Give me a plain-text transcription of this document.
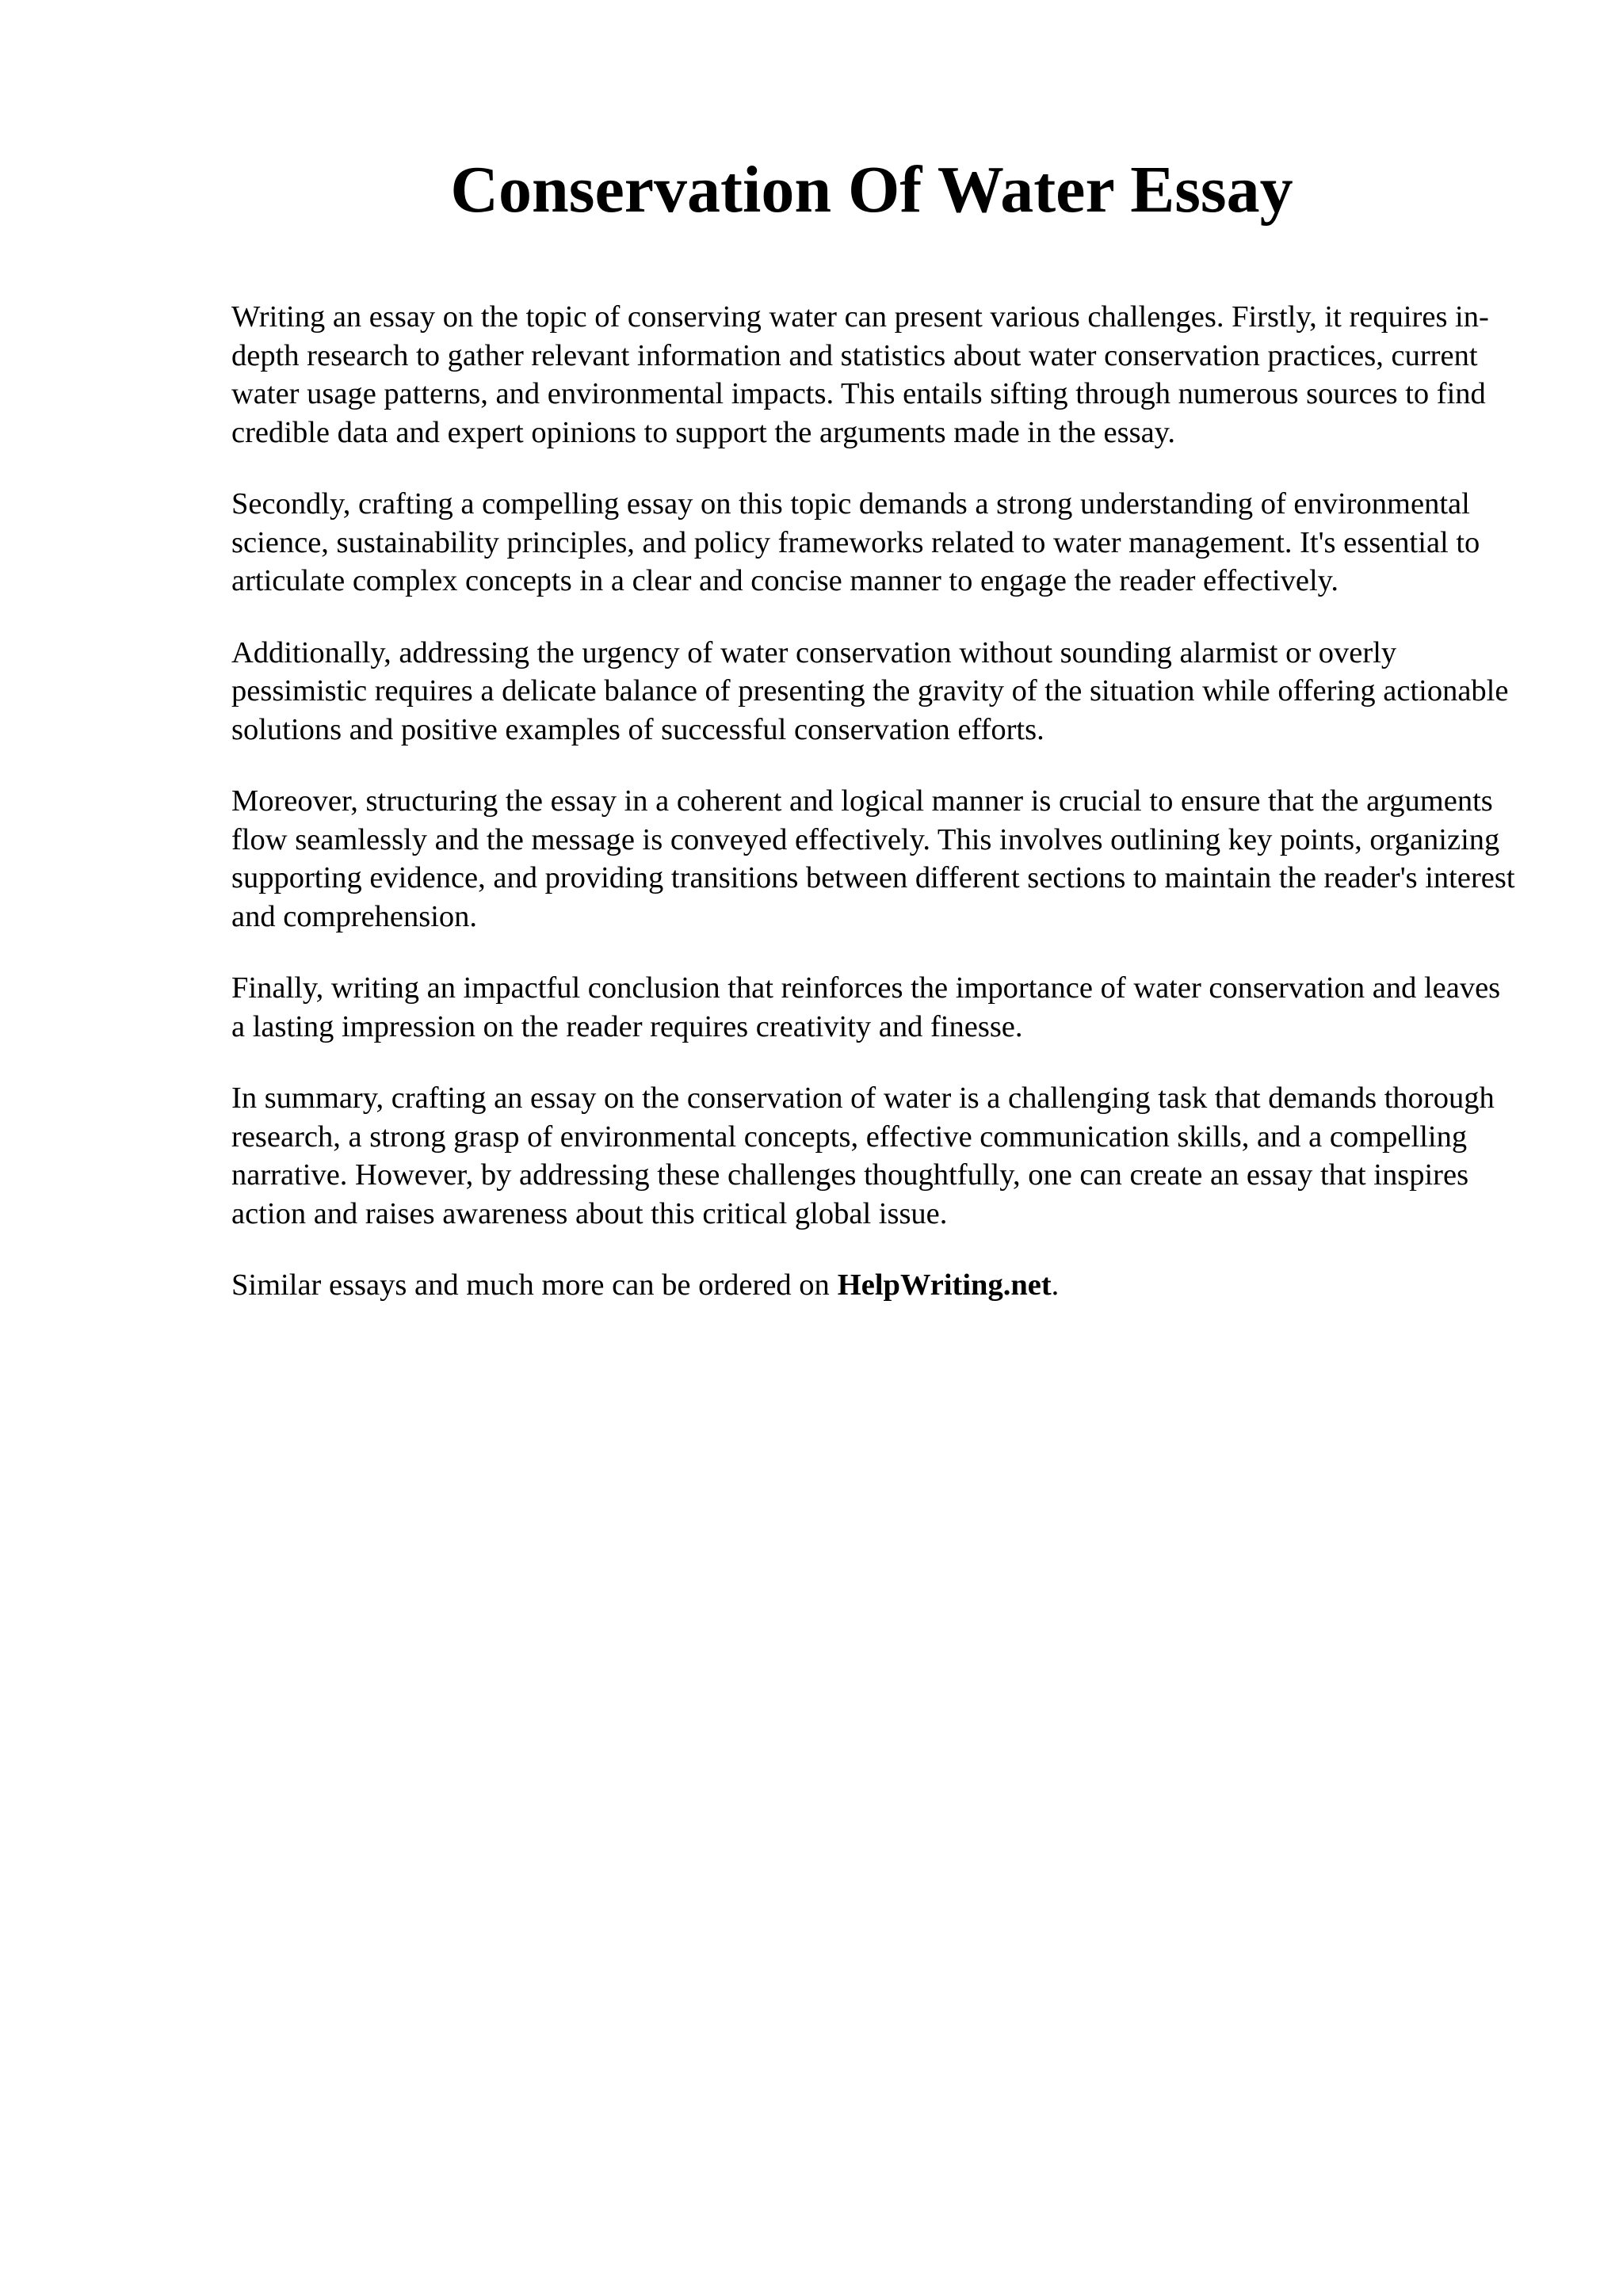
Conservation Of Water Essay

Writing an essay on the topic of conserving water can present various challenges. Firstly, it requires in-depth research to gather relevant information and statistics about water conservation practices, current water usage patterns, and environmental impacts. This entails sifting through numerous sources to find credible data and expert opinions to support the arguments made in the essay.

Secondly, crafting a compelling essay on this topic demands a strong understanding of environmental science, sustainability principles, and policy frameworks related to water management. It's essential to articulate complex concepts in a clear and concise manner to engage the reader effectively.

Additionally, addressing the urgency of water conservation without sounding alarmist or overly pessimistic requires a delicate balance of presenting the gravity of the situation while offering actionable solutions and positive examples of successful conservation efforts.

Moreover, structuring the essay in a coherent and logical manner is crucial to ensure that the arguments flow seamlessly and the message is conveyed effectively. This involves outlining key points, organizing supporting evidence, and providing transitions between different sections to maintain the reader's interest and comprehension.

Finally, writing an impactful conclusion that reinforces the importance of water conservation and leaves a lasting impression on the reader requires creativity and finesse.

In summary, crafting an essay on the conservation of water is a challenging task that demands thorough research, a strong grasp of environmental concepts, effective communication skills, and a compelling narrative. However, by addressing these challenges thoughtfully, one can create an essay that inspires action and raises awareness about this critical global issue.

Similar essays and much more can be ordered on HelpWriting.net.
